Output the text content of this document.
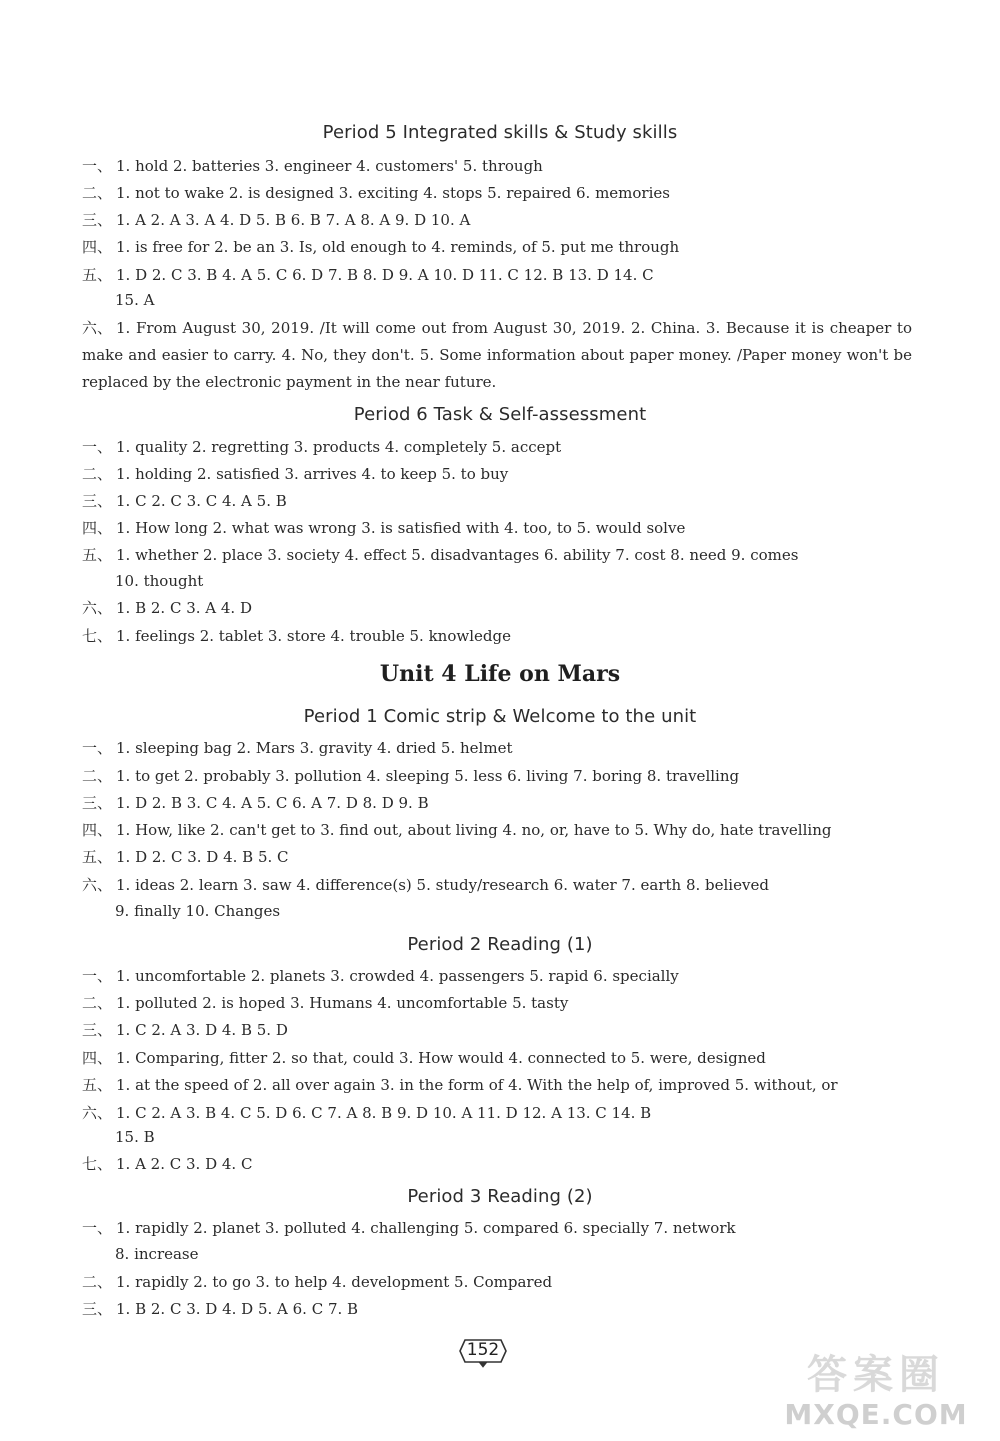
Period 5 Integrated skills & Study skills
一、 1. hold 2. batteries 3. engineer 4. customers' 5. through
二、 1. not to wake 2. is designed 3. exciting 4. stops 5. repaired 6. memories
三、 1. A 2. A 3. A 4. D 5. B 6. B 7. A 8. A 9. D 10. A
四、 1. is free for 2. be an 3. Is, old enough to 4. reminds, of 5. put me through
五、 1. D 2. C 3. B 4. A 5. C 6. D 7. B 8. D 9. A 10. D 11. C 12. B 13. D 14. C
15. A
六、 1. From August 30, 2019. /It will come out from August 30, 2019. 2. China. 3. Because it is cheaper to make and easier to carry. 4. No, they don't. 5. Some information about paper money. /Paper money won't be replaced by the electronic payment in the near future.
Period 6 Task & Self-assessment
一、 1. quality 2. regretting 3. products 4. completely 5. accept
二、 1. holding 2. satisfied 3. arrives 4. to keep 5. to buy
三、 1. C 2. C 3. C 4. A 5. B
四、 1. How long 2. what was wrong 3. is satisfied with 4. too, to 5. would solve
五、 1. whether 2. place 3. society 4. effect 5. disadvantages 6. ability 7. cost 8. need 9. comes
10. thought
六、 1. B 2. C 3. A 4. D
七、 1. feelings 2. tablet 3. store 4. trouble 5. knowledge
Unit 4 Life on Mars
Period 1 Comic strip & Welcome to the unit
一、 1. sleeping bag 2. Mars 3. gravity 4. dried 5. helmet
二、 1. to get 2. probably 3. pollution 4. sleeping 5. less 6. living 7. boring 8. travelling
三、 1. D 2. B 3. C 4. A 5. C 6. A 7. D 8. D 9. B
四、 1. How, like 2. can't get to 3. find out, about living 4. no, or, have to 5. Why do, hate travelling
五、 1. D 2. C 3. D 4. B 5. C
六、 1. ideas 2. learn 3. saw 4. difference(s) 5. study/research 6. water 7. earth 8. believed
9. finally 10. Changes
Period 2 Reading (1)
一、 1. uncomfortable 2. planets 3. crowded 4. passengers 5. rapid 6. specially
二、 1. polluted 2. is hoped 3. Humans 4. uncomfortable 5. tasty
三、 1. C 2. A 3. D 4. B 5. D
四、 1. Comparing, fitter 2. so that, could 3. How would 4. connected to 5. were, designed
五、 1. at the speed of 2. all over again 3. in the form of 4. With the help of, improved 5. without, or
六、 1. C 2. A 3. B 4. C 5. D 6. C 7. A 8. B 9. D 10. A 11. D 12. A 13. C 14. B
15. B
七、 1. A 2. C 3. D 4. C
Period 3 Reading (2)
一、 1. rapidly 2. planet 3. polluted 4. challenging 5. compared 6. specially 7. network
8. increase
二、 1. rapidly 2. to go 3. to help 4. development 5. Compared
三、 1. B 2. C 3. D 4. D 5. A 6. C 7. B
152
答案圈
MXQE.COM
